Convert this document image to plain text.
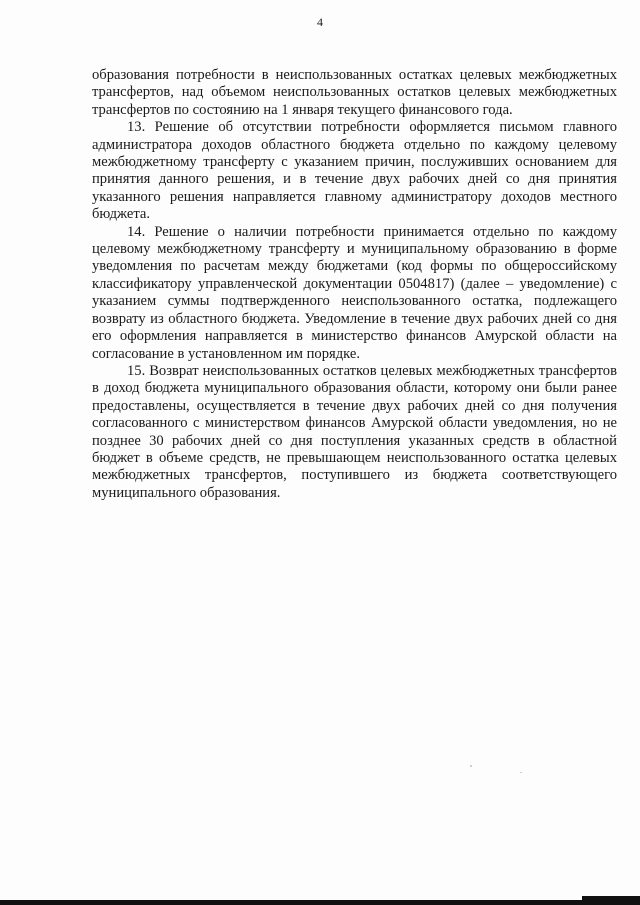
4

образования потребности в неиспользованных остатках целевых межбюджетных трансфертов, над объемом неиспользованных остатков целевых межбюджетных трансфертов по состоянию на 1 января текущего финансового года.

13. Решение об отсутствии потребности оформляется письмом главного администратора доходов областного бюджета отдельно по каждому целевому межбюджетному трансферту с указанием причин, послуживших основанием для принятия данного решения, и в течение двух рабочих дней со дня принятия указанного решения направляется главному администратору доходов местного бюджета.

14. Решение о наличии потребности принимается отдельно по каждому целевому межбюджетному трансферту и муниципальному образованию в форме уведомления по расчетам между бюджетами (код формы по общероссийскому классификатору управленческой документации 0504817) (далее – уведомление) с указанием суммы подтвержденного неиспользованного остатка, подлежащего возврату из областного бюджета. Уведомление в течение двух рабочих дней со дня его оформления направляется в министерство финансов Амурской области на согласование в установленном им порядке.

15. Возврат неиспользованных остатков целевых межбюджетных трансфертов в доход бюджета муниципального образования области, которому они были ранее предоставлены, осуществляется в течение двух рабочих дней со дня получения согласованного с министерством финансов Амурской области уведомления, но не позднее 30 рабочих дней со дня поступления указанных средств в областной бюджет в объеме средств, не превышающем неиспользованного остатка целевых межбюджетных трансфертов, поступившего из бюджета соответствующего муниципального образования.
